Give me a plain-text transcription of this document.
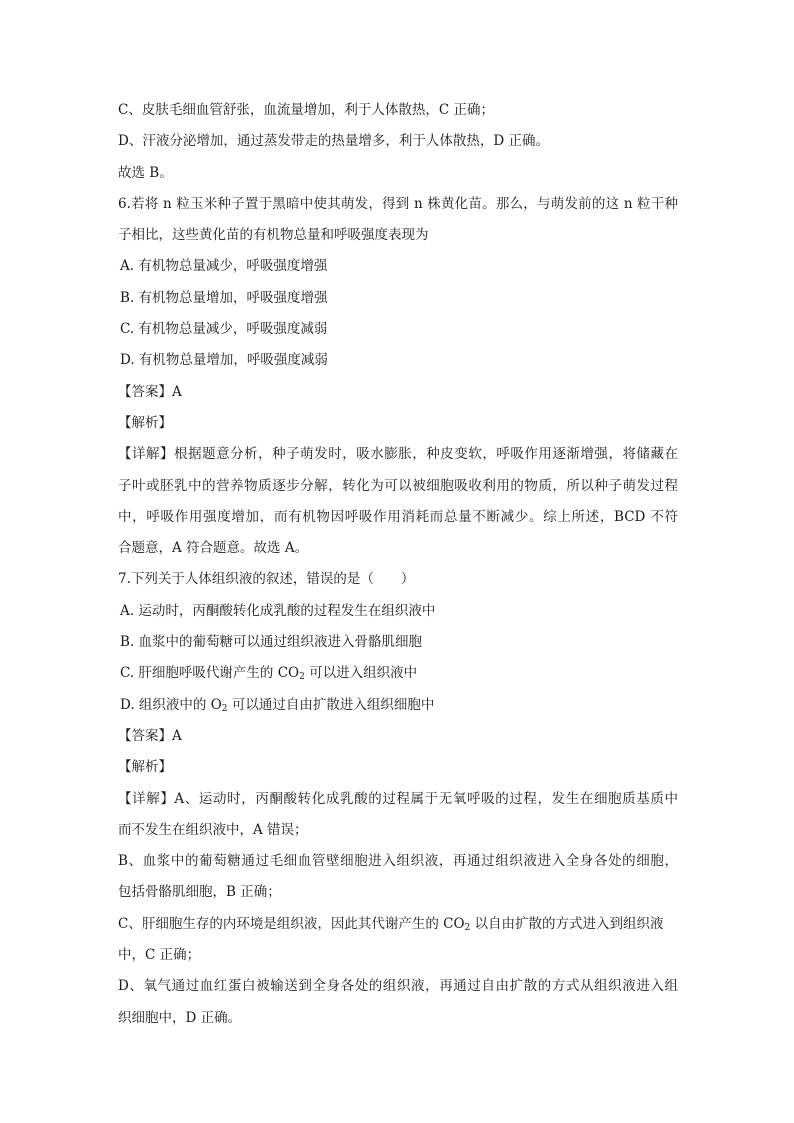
C、皮肤毛细血管舒张，血流量增加，利于人体散热，C 正确；
D、汗液分泌增加，通过蒸发带走的热量增多，利于人体散热，D 正确。
故选 B。
6.若将 n 粒玉米种子置于黑暗中使其萌发，得到 n 株黄化苗。那么，与萌发前的这 n 粒干种
子相比，这些黄化苗的有机物总量和呼吸强度表现为
A. 有机物总量减少，呼吸强度增强
B. 有机物总量增加，呼吸强度增强
C. 有机物总量减少，呼吸强度减弱
D. 有机物总量增加，呼吸强度减弱
【答案】A
【解析】
【详解】根据题意分析，种子萌发时，吸水膨胀，种皮变软，呼吸作用逐渐增强，将储藏在
子叶或胚乳中的营养物质逐步分解，转化为可以被细胞吸收利用的物质，所以种子萌发过程
中，呼吸作用强度增加，而有机物因呼吸作用消耗而总量不断减少。综上所述，BCD 不符
合题意，A 符合题意。故选 A。
7.下列关于人体组织液的叙述，错误的是（　　）
A. 运动时，丙酮酸转化成乳酸的过程发生在组织液中
B. 血浆中的葡萄糖可以通过组织液进入骨骼肌细胞
C. 肝细胞呼吸代谢产生的 $CO_2$ 可以进入组织液中
D. 组织液中的 $O_2$ 可以通过自由扩散进入组织细胞中
【答案】A
【解析】
【详解】A、运动时，丙酮酸转化成乳酸的过程属于无氧呼吸的过程，发生在细胞质基质中
而不发生在组织液中，A 错误；
B、血浆中的葡萄糖通过毛细血管壁细胞进入组织液，再通过组织液进入全身各处的细胞，
包括骨骼肌细胞，B 正确；
C、肝细胞生存的内环境是组织液，因此其代谢产生的 $CO_2$ 以自由扩散的方式进入到组织液
中，C 正确；
D、氧气通过血红蛋白被输送到全身各处的组织液，再通过自由扩散的方式从组织液进入组
织细胞中，D 正确。
